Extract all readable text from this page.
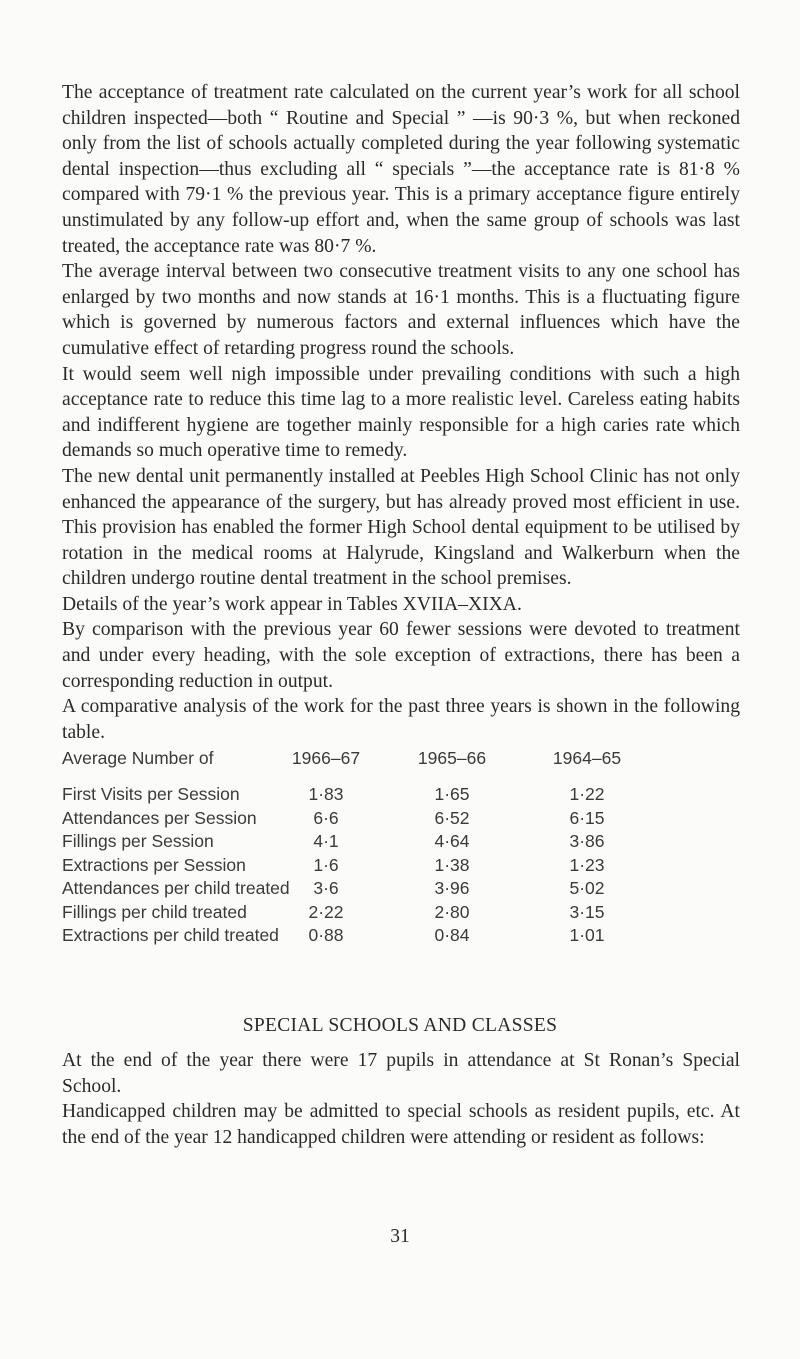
The acceptance of treatment rate calculated on the current year’s work for all school children inspected—both “ Routine and Special ” —is 90·3 %, but when reckoned only from the list of schools actually completed during the year following systematic dental inspection—thus excluding all “ specials ”—the acceptance rate is 81·8 % compared with 79·1 % the previous year. This is a primary acceptance figure entirely unstimulated by any follow-up effort and, when the same group of schools was last treated, the acceptance rate was 80·7 %.

The average interval between two consecutive treatment visits to any one school has enlarged by two months and now stands at 16·1 months. This is a fluctuating figure which is governed by numerous factors and external influences which have the cumulative effect of retarding progress round the schools.

It would seem well nigh impossible under prevailing conditions with such a high acceptance rate to reduce this time lag to a more realistic level. Careless eating habits and indifferent hygiene are together mainly responsible for a high caries rate which demands so much operative time to remedy.

The new dental unit permanently installed at Peebles High School Clinic has not only enhanced the appearance of the surgery, but has already proved most efficient in use. This provision has enabled the former High School dental equipment to be utilised by rotation in the medical rooms at Halyrude, Kingsland and Walkerburn when the children undergo routine dental treatment in the school premises.

Details of the year’s work appear in Tables XVIIA–XIXA.

By comparison with the previous year 60 fewer sessions were devoted to treatment and under every heading, with the sole exception of extractions, there has been a corresponding reduction in output.

A comparative analysis of the work for the past three years is shown in the following table.

Average Number of	1966–67	1965–66	1964–65
First Visits per Session	1·83	1·65	1·22
Attendances per Session	6·6	6·52	6·15
Fillings per Session	4·1	4·64	3·86
Extractions per Session	1·6	1·38	1·23
Attendances per child treated	3·6	3·96	5·02
Fillings per child treated	2·22	2·80	3·15
Extractions per child treated	0·88	0·84	1·01
SPECIAL SCHOOLS AND CLASSES

At the end of the year there were 17 pupils in attendance at St Ronan’s Special School.

Handicapped children may be admitted to special schools as resident pupils, etc. At the end of the year 12 handicapped children were attending or resident as follows:

31
